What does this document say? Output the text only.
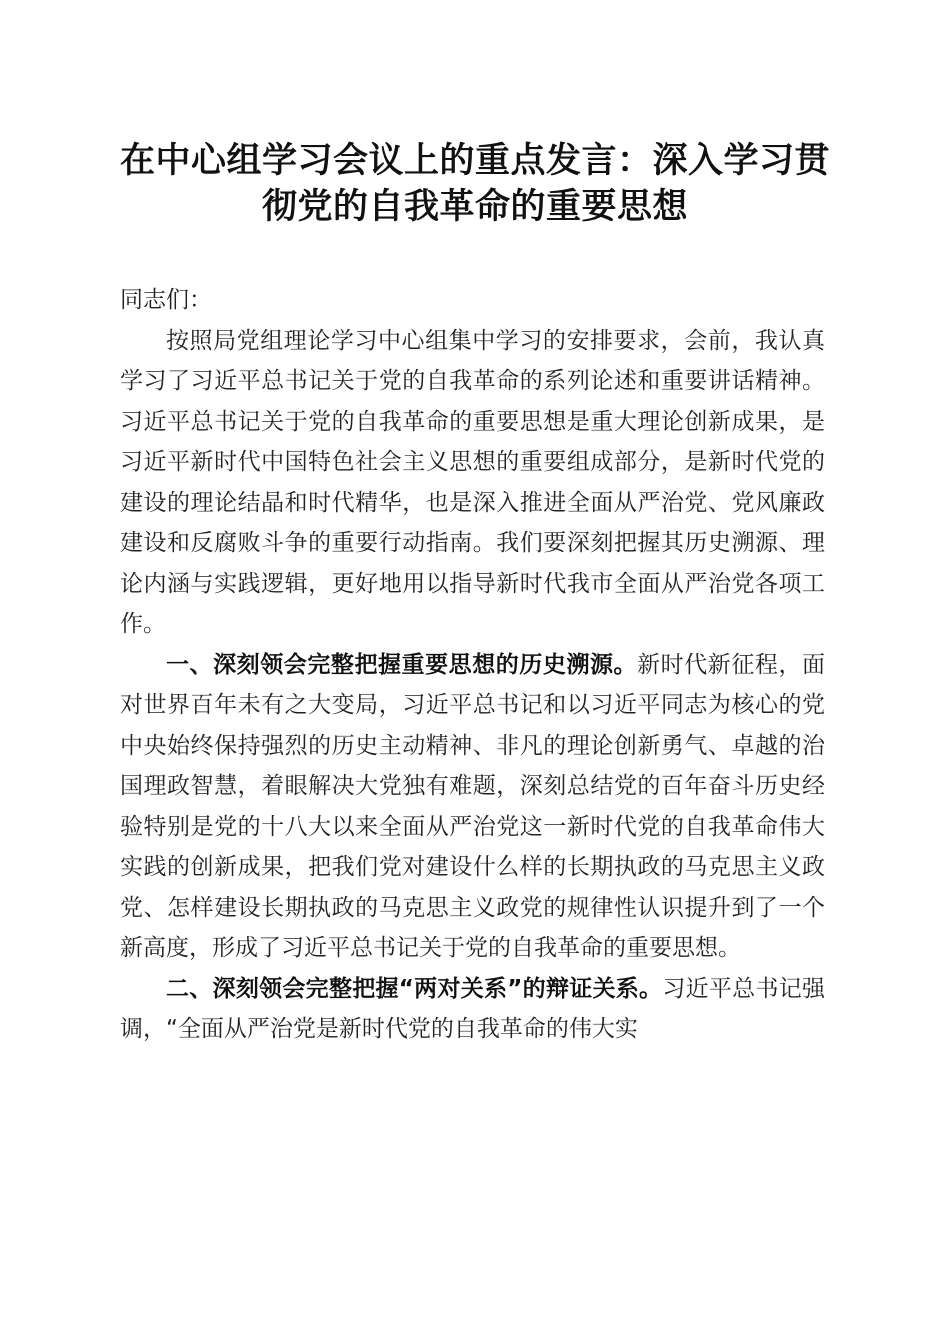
在中心组学习会议上的重点发言：深入学习贯
彻党的自我革命的重要思想

同志们：

按照局党组理论学习中心组集中学习的安排要求，会前，我认真学习了习近平总书记关于党的自我革命的系列论述和重要讲话精神。习近平总书记关于党的自我革命的重要思想是重大理论创新成果，是习近平新时代中国特色社会主义思想的重要组成部分，是新时代党的建设的理论结晶和时代精华，也是深入推进全面从严治党、党风廉政建设和反腐败斗争的重要行动指南。我们要深刻把握其历史溯源、理论内涵与实践逻辑，更好地用以指导新时代我市全面从严治党各项工作。

一、深刻领会完整把握重要思想的历史溯源。新时代新征程，面对世界百年未有之大变局，习近平总书记和以习近平同志为核心的党中央始终保持强烈的历史主动精神、非凡的理论创新勇气、卓越的治国理政智慧，着眼解决大党独有难题，深刻总结党的百年奋斗历史经验特别是党的十八大以来全面从严治党这一新时代党的自我革命伟大实践的创新成果，把我们党对建设什么样的长期执政的马克思主义政党、怎样建设长期执政的马克思主义政党的规律性认识提升到了一个新高度，形成了习近平总书记关于党的自我革命的重要思想。

二、深刻领会完整把握“两对关系”的辩证关系。习近平总书记强调，“全面从严治党是新时代党的自我革命的伟大实
